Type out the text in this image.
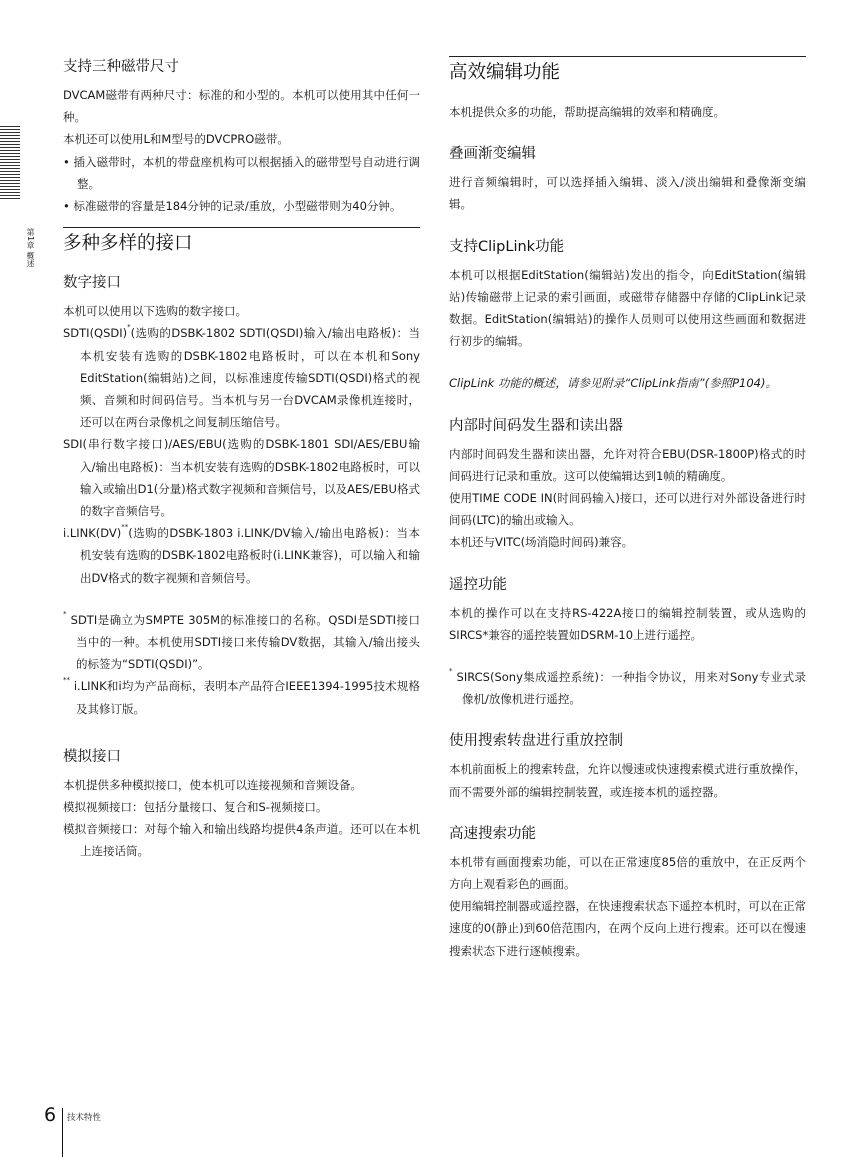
第1章 概述
支持三种磁带尺寸

DVCAM磁带有两种尺寸：标准的和小型的。本机可以使用其中任何一种。

本机还可以使用L和M型号的DVCPRO磁带。

• 插入磁带时，本机的带盘座机构可以根据插入的磁带型号自动进行调整。

• 标准磁带的容量是184分钟的记录/重放，小型磁带则为40分钟。

多种多样的接口
数字接口

本机可以使用以下选购的数字接口。

SDTI(QSDI)*(选购的DSBK-1802 SDTI(QSDI)输入/输出电路板)：当本机安装有选购的DSBK-1802电路板时，可以在本机和Sony EditStation(编辑站)之间，以标准速度传输SDTI(QSDI)格式的视频、音频和时间码信号。当本机与另一台DVCAM录像机连接时，还可以在两台录像机之间复制压缩信号。

SDI(串行数字接口)/AES/EBU(选购的DSBK-1801 SDI/AES/EBU输入/输出电路板)：当本机安装有选购的DSBK-1802电路板时，可以输入或输出D1(分量)格式数字视频和音频信号，以及AES/EBU格式的数字音频信号。

i.LINK(DV)**(选购的DSBK-1803 i.LINK/DV输入/输出电路板)：当本机安装有选购的DSBK-1802电路板时(i.LINK兼容)，可以输入和输出DV格式的数字视频和音频信号。

* SDTI是确立为SMPTE 305M的标准接口的名称。QSDI是SDTI接口当中的一种。本机使用SDTI接口来传输DV数据，其输入/输出接头的标签为“SDTI(QSDI)”。

** i.LINK和i均为产品商标，表明本产品符合IEEE1394-1995技术规格及其修订版。

模拟接口

本机提供多种模拟接口，使本机可以连接视频和音频设备。

模拟视频接口：包括分量接口、复合和S-视频接口。

模拟音频接口：对每个输入和输出线路均提供4条声道。还可以在本机上连接话筒。

高效编辑功能

本机提供众多的功能，帮助提高编辑的效率和精确度。

叠画渐变编辑

进行音频编辑时，可以选择插入编辑、淡入/淡出编辑和叠像渐变编辑。

支持ClipLink功能

本机可以根据EditStation(编辑站)发出的指令，向EditStation(编辑站)传输磁带上记录的索引画面，或磁带存储器中存储的ClipLink记录数据。EditStation(编辑站)的操作人员则可以使用这些画面和数据进行初步的编辑。

ClipLink 功能的概述，请参见附录“ClipLink指南”(参照P104)。

内部时间码发生器和读出器

内部时间码发生器和读出器，允许对符合EBU(DSR-1800P)格式的时间码进行记录和重放。这可以使编辑达到1帧的精确度。

使用TIME CODE IN(时间码输入)接口，还可以进行对外部设备进行时间码(LTC)的输出或输入。

本机还与VITC(场消隐时间码)兼容。

遥控功能

本机的操作可以在支持RS-422A接口的编辑控制装置，或从选购的SIRCS*兼容的遥控装置如DSRM-10上进行遥控。

* SIRCS(Sony集成遥控系统)：一种指令协议，用来对Sony专业式录像机/放像机进行遥控。

使用搜索转盘进行重放控制

本机前面板上的搜索转盘，允许以慢速或快速搜索模式进行重放操作，而不需要外部的编辑控制装置，或连接本机的遥控器。

高速搜索功能

本机带有画面搜索功能，可以在正常速度85倍的重放中，在正反两个方向上观看彩色的画面。

使用编辑控制器或遥控器，在快速搜索状态下遥控本机时，可以在正常速度的0(静止)到60倍范围内，在两个反向上进行搜索。还可以在慢速搜索状态下进行逐帧搜索。

6 技术特性
